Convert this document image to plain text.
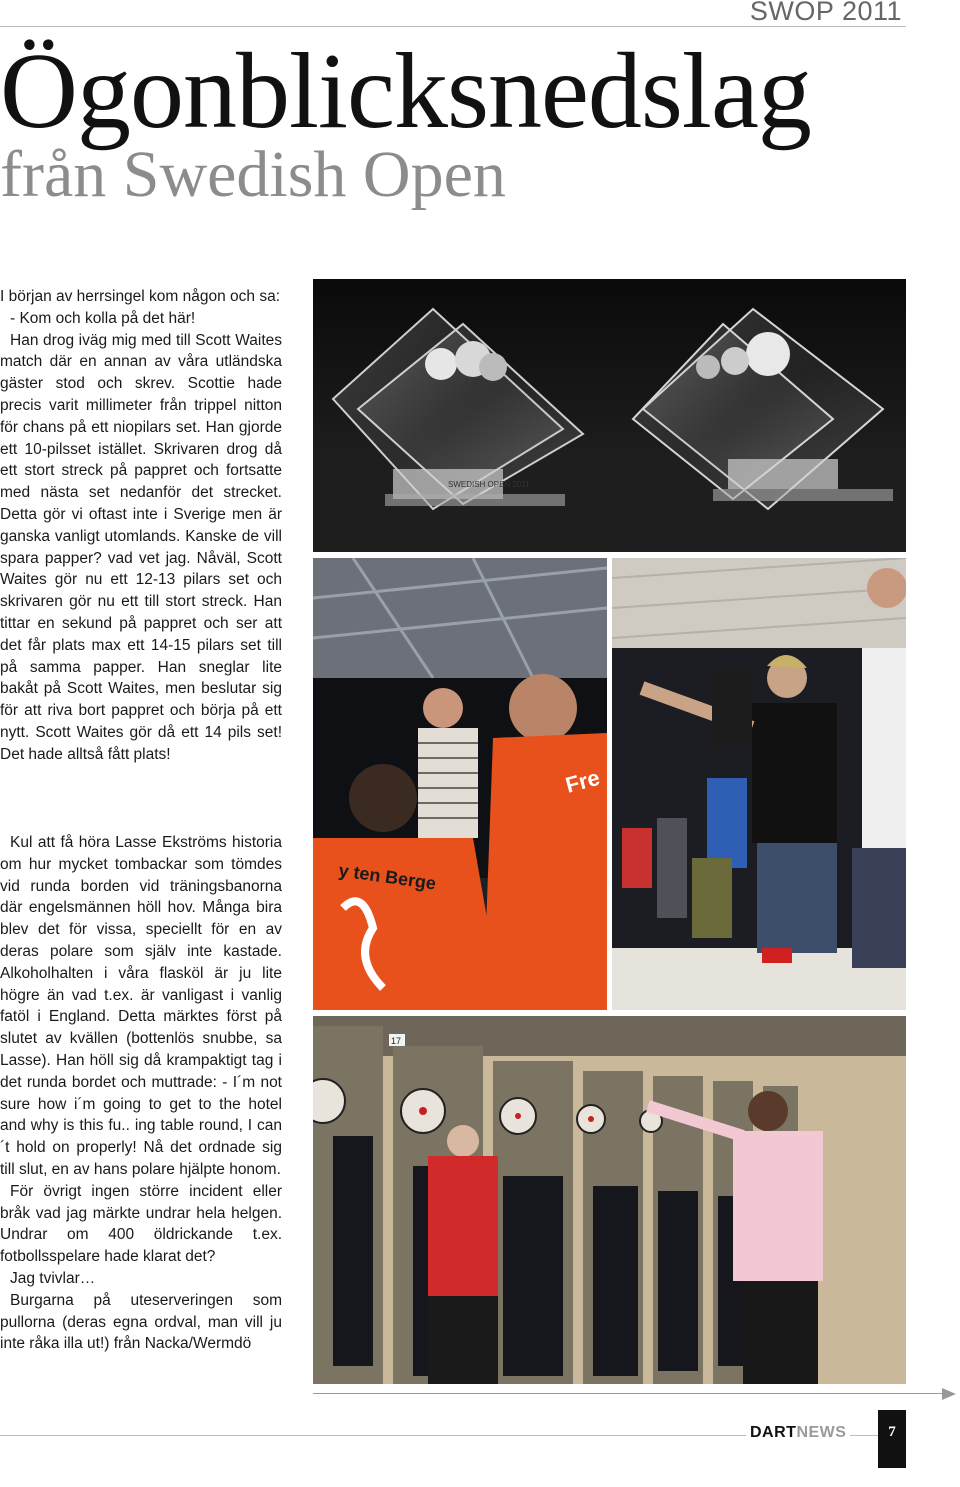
SWOP 2011
Ögonblicksnedslag
från Swedish Open

I början av herrsingel kom någon och sa:

- Kom och kolla på det här!

Han drog iväg mig med till Scott Waites match där en annan av våra utländska gäster stod och skrev. Scottie hade precis varit millimeter från trippel nitton för chans på ett niopilars set. Han gjorde ett 10-pilsset istället. Skrivaren drog då ett stort streck på pappret och fortsatte med nästa set nedanför det strecket. Detta gör vi oftast inte i Sverige men är ganska vanligt utomlands. Kanske de vill spara papper? vad vet jag. Nåväl, Scott Waites gör nu ett 12-13 pilars set och skrivaren gör nu ett till stort streck. Han tittar en sekund på pappret och ser att det får plats max ett 14-15 pilars set till på samma papper. Han sneglar lite bakåt på Scott Waites, men beslutar sig för att riva bort pappret och börja på ett nytt. Scott Waites gör då ett 14 pils set! Det hade alltså fått plats!

Kul att få höra Lasse Ekströms historia om hur mycket tombackar som tömdes vid runda borden vid träningsbanorna där engelsmännen höll hov. Många bira blev det för vissa, speciellt för en av deras polare som själv inte kastade. Alkoholhalten i våra flasköl är ju lite högre än vad t.ex. är vanligast i vanlig fatöl i England. Detta märktes först på slutet av kvällen (bottenlös snubbe, sa Lasse). Han höll sig då krampaktigt tag i det runda bordet och muttrade: - I´m not sure how i´m going to get to the hotel and why is this fu.. ing table round, I can´t hold on properly! Nå det ordnade sig till slut, en av hans polare hjälpte honom.

För övrigt ingen större incident eller bråk vad jag märkte undrar hela helgen. Undrar om 400 öldrickande t.ex. fotbollsspelare hade klarat det?

Jag tvivlar…

Burgarna på uteserveringen som pullorna (deras egna ordval, man vill ju inte råka illa ut!) från Nacka/Wermdö

SWEDISH OPEN 2011
Fre
y ten Berge
17
DARTNEWS	7
